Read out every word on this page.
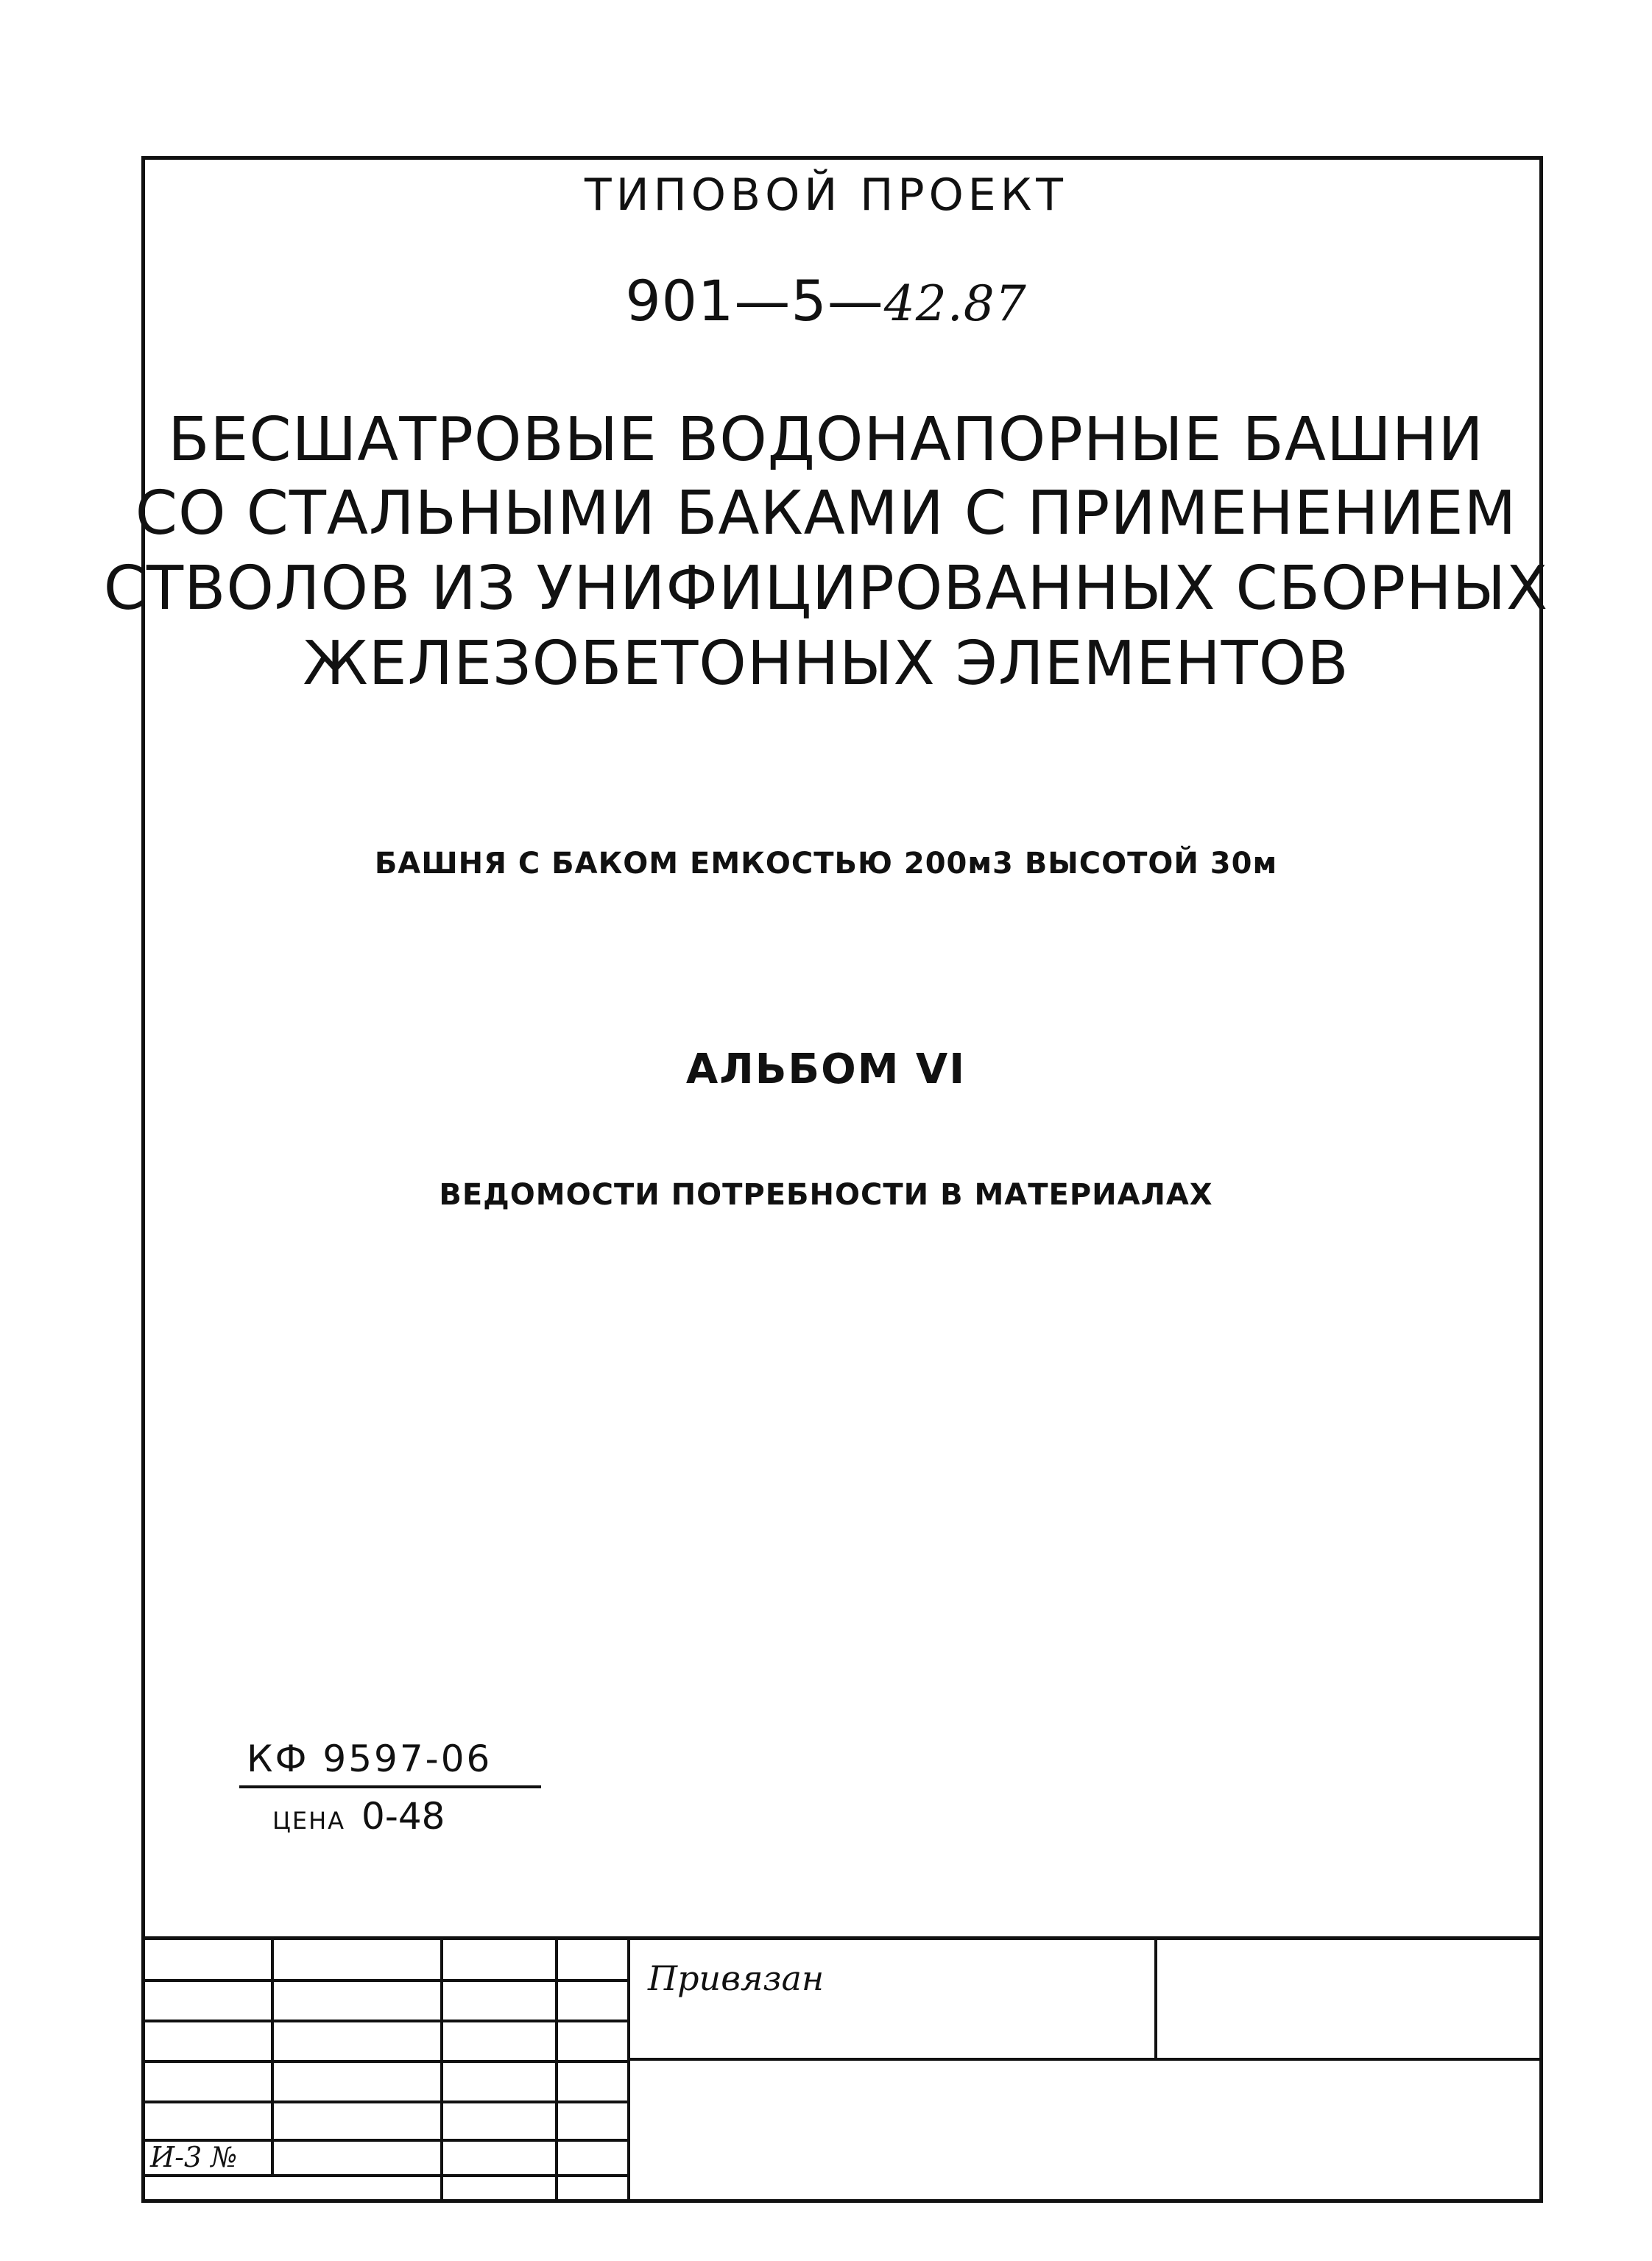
ТИПОВОЙ ПРОЕКТ
901—5—42.87
БЕСШАТРОВЫЕ ВОДОНАПОРНЫЕ БАШНИ
СО СТАЛЬНЫМИ БАКАМИ С ПРИМЕНЕНИЕМ
СТВОЛОВ ИЗ УНИФИЦИРОВАННЫХ СБОРНЫХ
ЖЕЛЕЗОБЕТОННЫХ ЭЛЕМЕНТОВ
БАШНЯ С БАКОМ ЕМКОСТЬЮ 200м3 ВЫСОТОЙ 30м
АЛЬБОМ VI
ВЕДОМОСТИ ПОТРЕБНОСТИ В МАТЕРИАЛАХ
КФ 9597-06
ЦЕНА 0-48
Привязан
И-3 №
